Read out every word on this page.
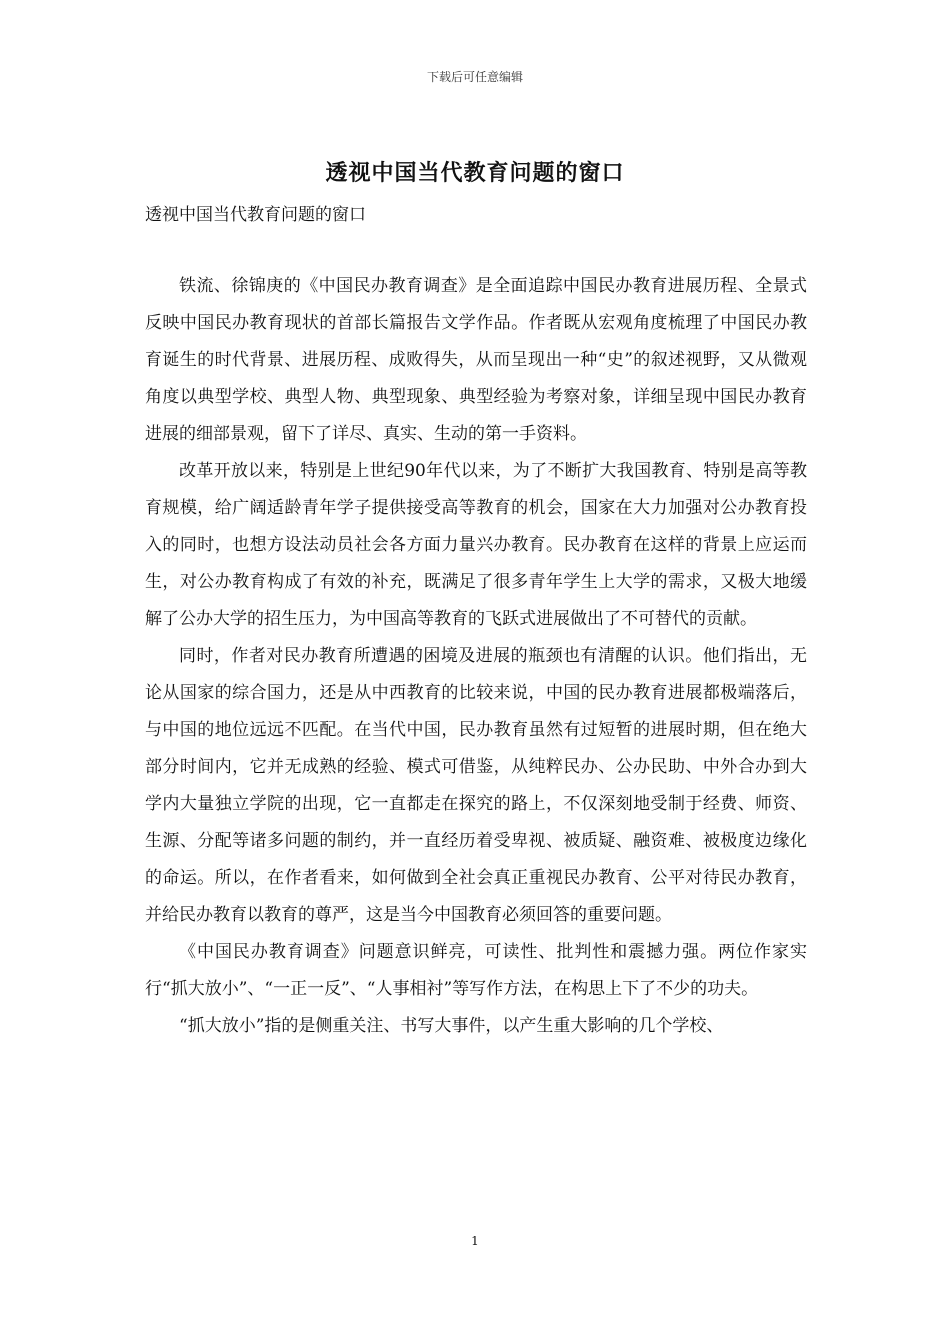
下载后可任意编辑
透视中国当代教育问题的窗口
透视中国当代教育问题的窗口

铁流、徐锦庚的《中国民办教育调查》是全面追踪中国民办教育进展历程、全景式反映中国民办教育现状的首部长篇报告文学作品。作者既从宏观角度梳理了中国民办教育诞生的时代背景、进展历程、成败得失，从而呈现出一种“史”的叙述视野，又从微观角度以典型学校、典型人物、典型现象、典型经验为考察对象，详细呈现中国民办教育进展的细部景观，留下了详尽、真实、生动的第一手资料。

改革开放以来，特别是上世纪90年代以来，为了不断扩大我国教育、特别是高等教育规模，给广阔适龄青年学子提供接受高等教育的机会，国家在大力加强对公办教育投入的同时，也想方设法动员社会各方面力量兴办教育。民办教育在这样的背景上应运而生，对公办教育构成了有效的补充，既满足了很多青年学生上大学的需求，又极大地缓解了公办大学的招生压力，为中国高等教育的飞跃式进展做出了不可替代的贡献。

同时，作者对民办教育所遭遇的困境及进展的瓶颈也有清醒的认识。他们指出，无论从国家的综合国力，还是从中西教育的比较来说，中国的民办教育进展都极端落后，与中国的地位远远不匹配。在当代中国，民办教育虽然有过短暂的进展时期，但在绝大部分时间内，它并无成熟的经验、模式可借鉴，从纯粹民办、公办民助、中外合办到大学内大量独立学院的出现，它一直都走在探究的路上，不仅深刻地受制于经费、师资、生源、分配等诸多问题的制约，并一直经历着受卑视、被质疑、融资难、被极度边缘化的命运。所以，在作者看来，如何做到全社会真正重视民办教育、公平对待民办教育，并给民办教育以教育的尊严，这是当今中国教育必须回答的重要问题。

《中国民办教育调查》问题意识鲜亮，可读性、批判性和震撼力强。两位作家实行“抓大放小”、“一正一反”、“人事相衬”等写作方法，在构思上下了不少的功夫。

“抓大放小”指的是侧重关注、书写大事件，以产生重大影响的几个学校、

1
